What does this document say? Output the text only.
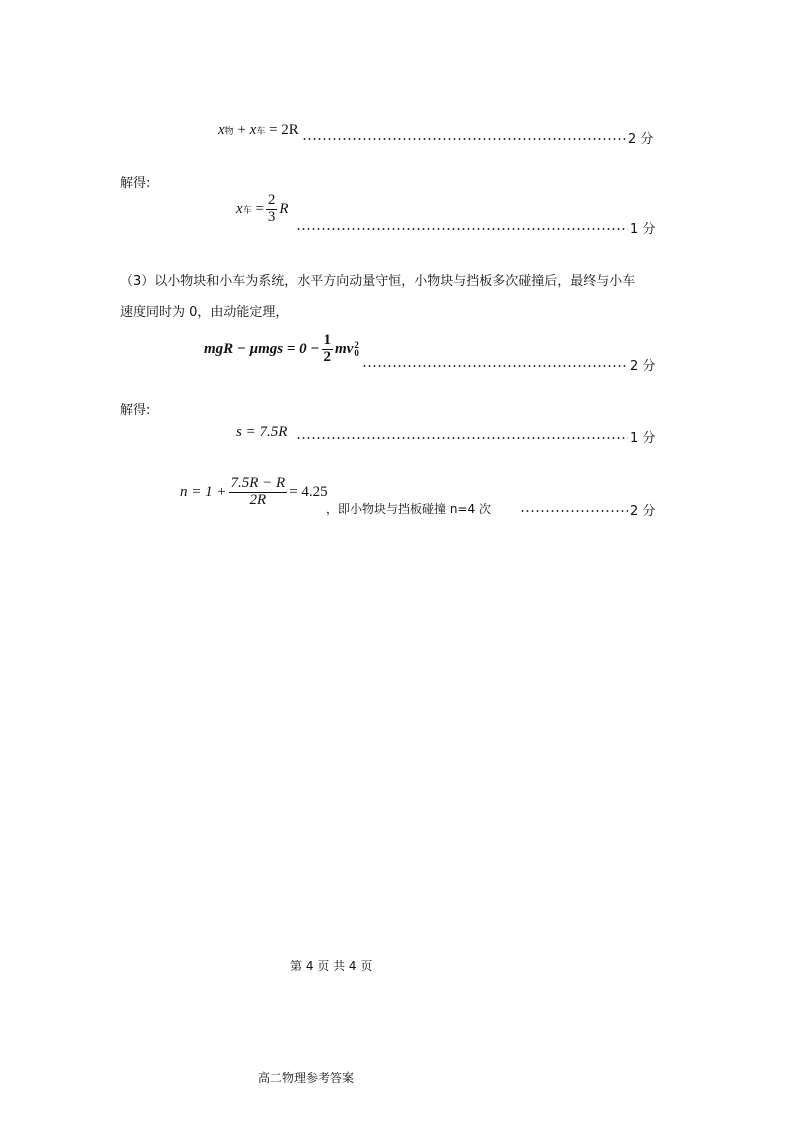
x 物
+
x 车
= 2R
2 分
解得:
x 车
= $\frac{2}{3}$ R
1 分
（3）以小物块和小车为系统，水平方向动量守恒，小物块与挡板多次碰撞后，最终与小车
速度同时为 0，由动能定理，
mgR − $\mu mgs = 0 - \frac{1}{2}$ mv 2
0
2 分
解得:
s = 7.5R	1 分
$n = 1 + \frac{7.5R - R}{2R} = 4.25$
，即小物块与挡板碰撞 n=4 次	2 分
第 4 页 共 4 页
高二物理参考答案
